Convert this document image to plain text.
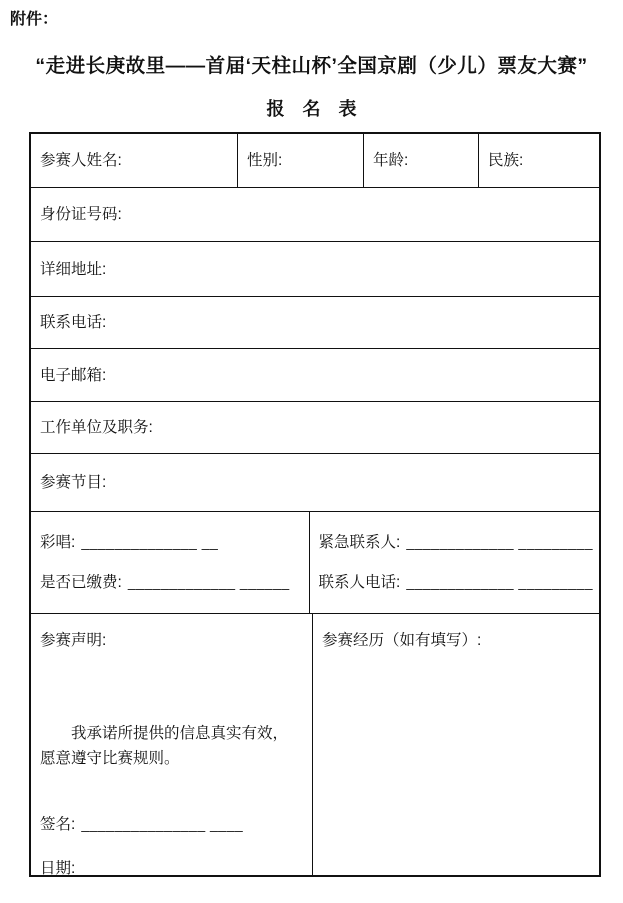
附件：
“走进长庚故里——首届‘天柱山杯’全国京剧（少儿）票友大赛”
报　名　表
参赛人姓名:	性别:	年龄:	民族:
身份证号码:
详细地址:
联系电话:
电子邮箱:
工作单位及职务:
参赛节目:
彩唱: ______________ __
是否已缴费: _____________ ______
紧急联系人: _____________ _________
联系人电话: _____________ _________
参赛声明:
我承诺所提供的信息真实有效，
愿意遵守比赛规则。
签名: _______________ ____
日期: _______________ ____
参赛经历（如有填写）:
